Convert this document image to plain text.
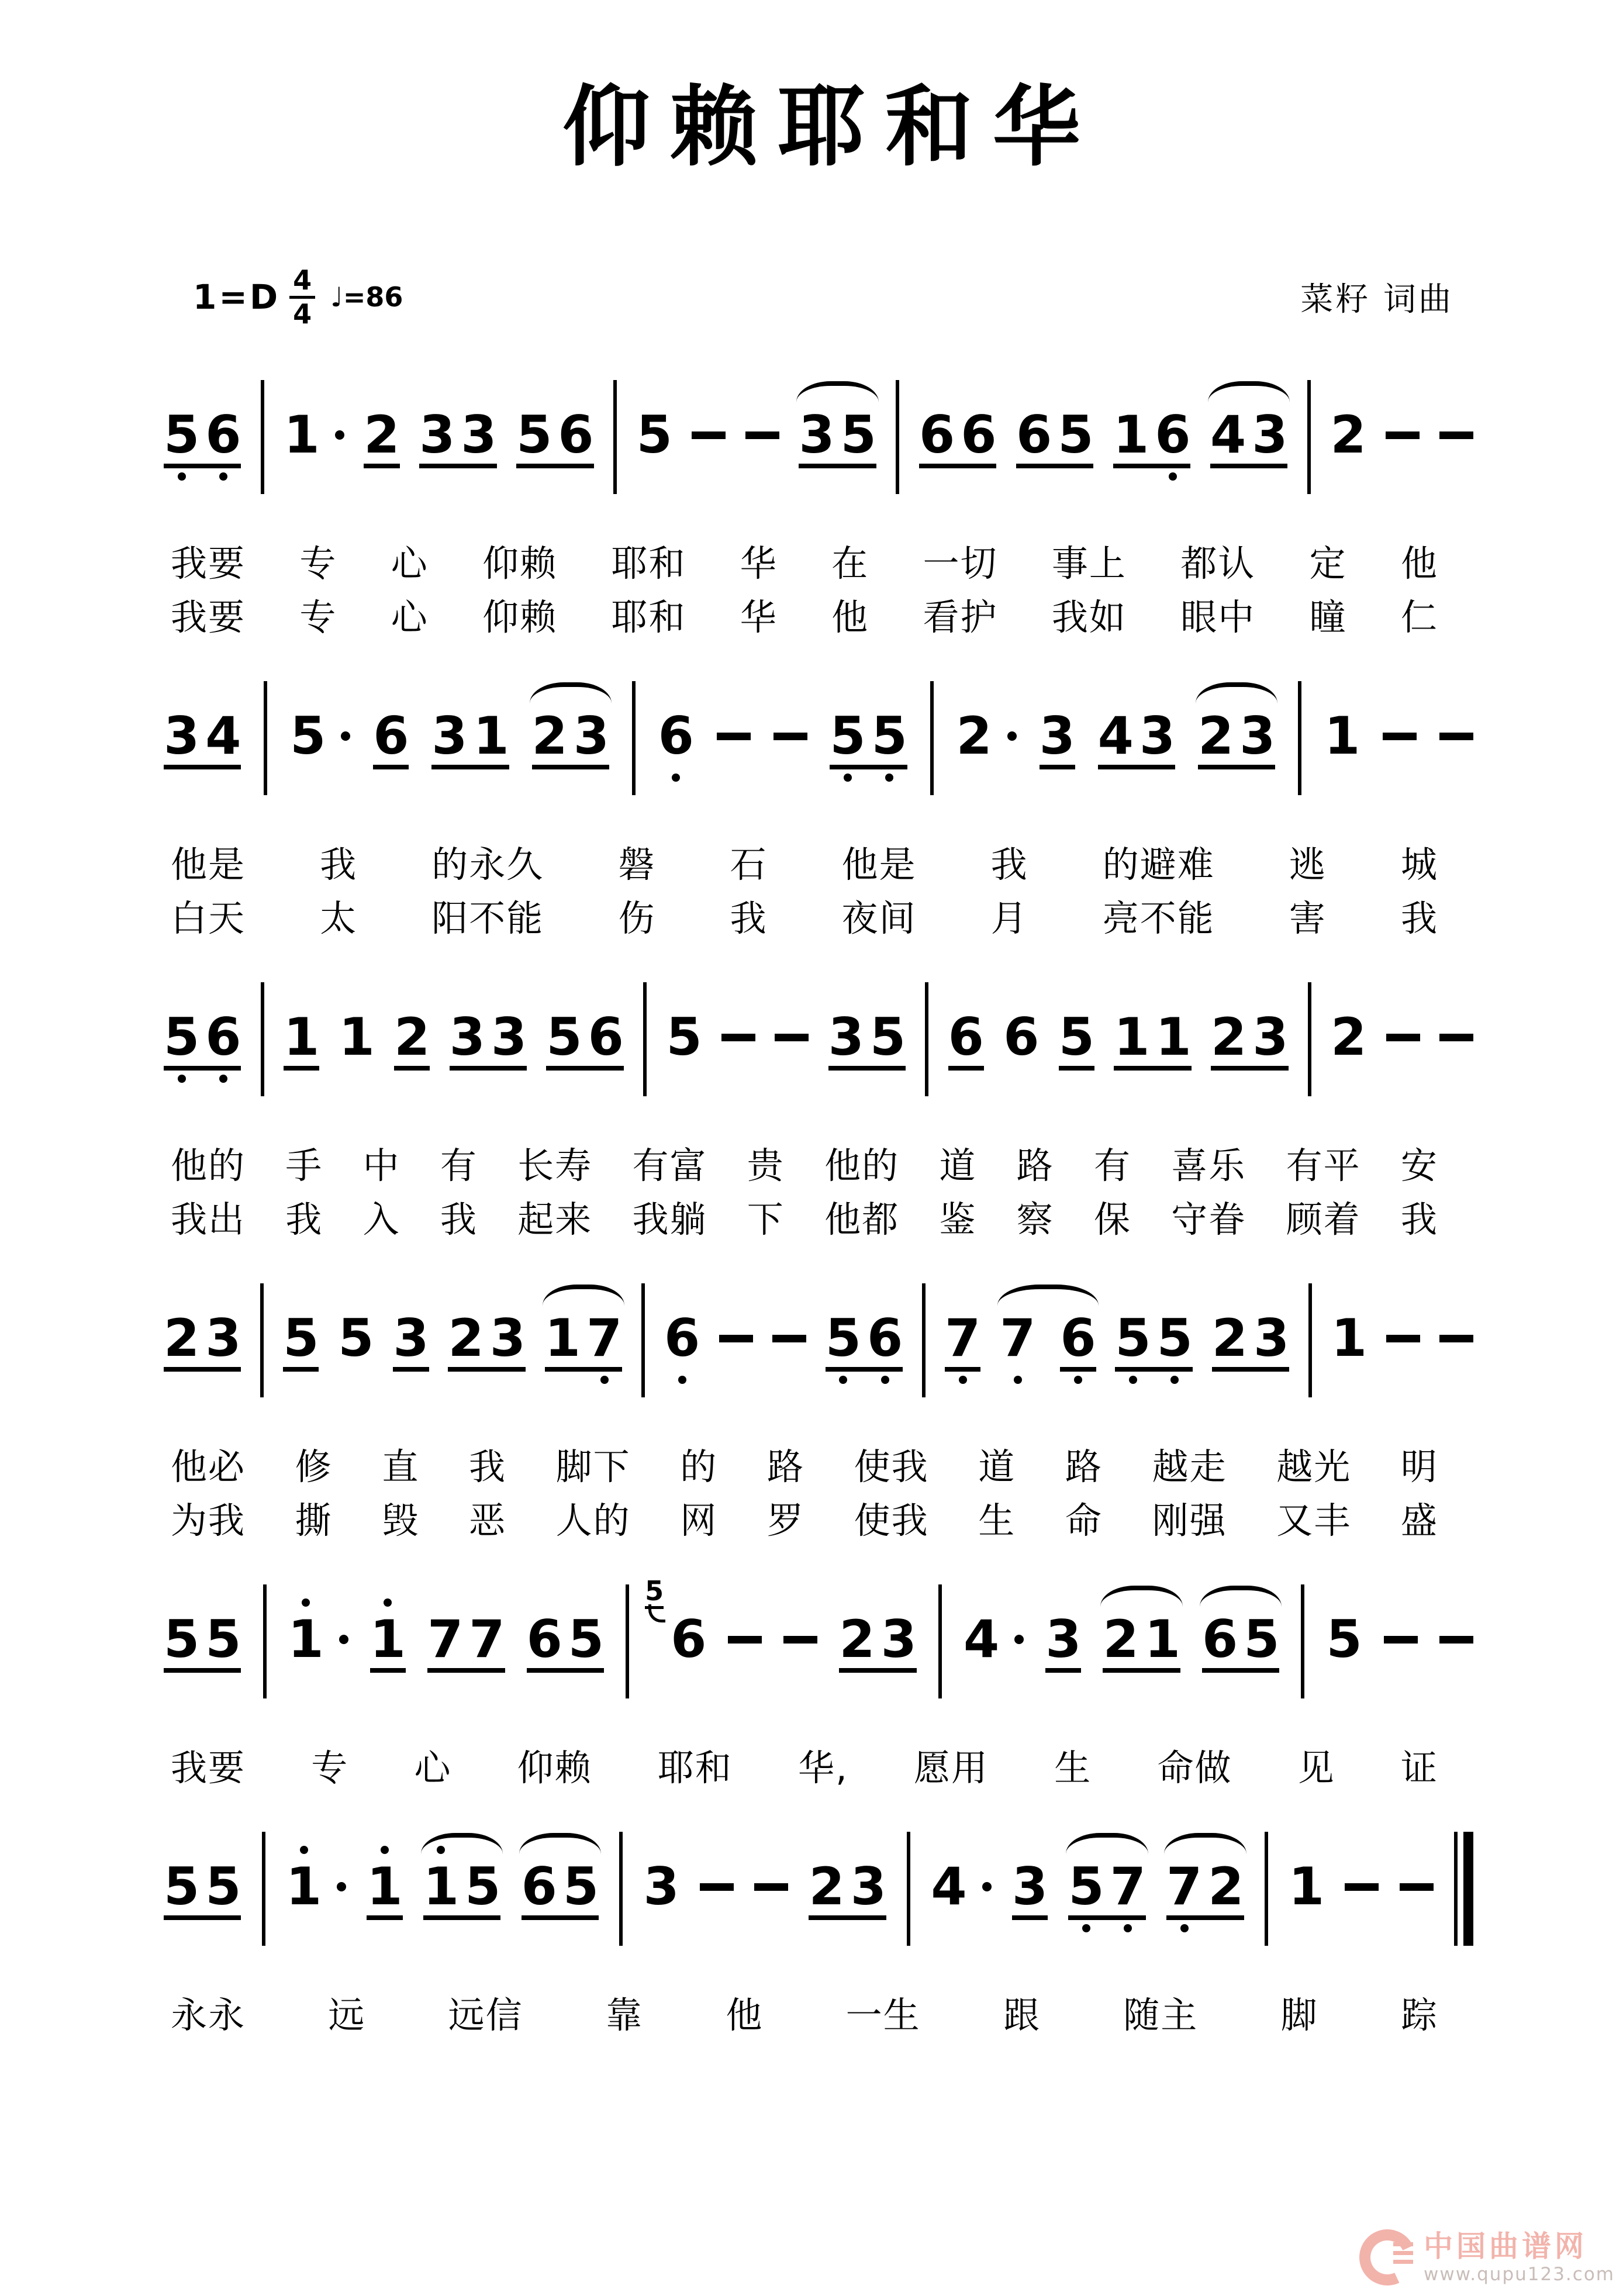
仰赖耶和华
$1=D \frac{4}{4}$ ♩=86	菜籽 词曲
5 6 1 2 3 3 5 6 5 3 5 6 6 6 5 1 6 4 3 2
我要 专 心 仰赖 耶和 华 在 一切 事上 都认 定 他
我要 专 心 仰赖 耶和 华 他 看护 我如 眼中 瞳 仁
3 4 5 6 3 1 2 3 6	5 5 2 3 4 3 2 3 1
他是 我 的永久 磐 石 他是 我 的避难 逃 城
白天 太 阳不能 伤 我 夜间 月 亮不能 害 我
5 6 1 1 2 3 3 5 6 5 3 5 6 6 5 1 1 2 3 2
他的 手 中 有 长寿 有富 贵 他的 道 路 有 喜乐 有平 安
我出 我 入 我 起来 我躺 下 他都 鉴 察 保 守眷 顾着 我
2 3 5 5 3 2 3 1 7 6 5 6 7 7 6 5 5 2 3 1
他必 修 直 我 脚下 的 路 使我 道 路 越走 越光 明
为我 撕 毁 恶 人的 网 罗 使我 生 命 刚强 又丰 盛
5 5 1 1 7 7 6 5 6
5
2 3 4 3 2 1 6 5 5
我要 专 心 仰赖 耶和 华, 愿用 生 命做 见 证
5 5 1 1 1 5 6 5 3	2 3 4 3 5 7 7 2 1
永永 远 远信 靠 他 一生 跟 随主 脚 踪
中国曲谱网
www.qupu123.com
